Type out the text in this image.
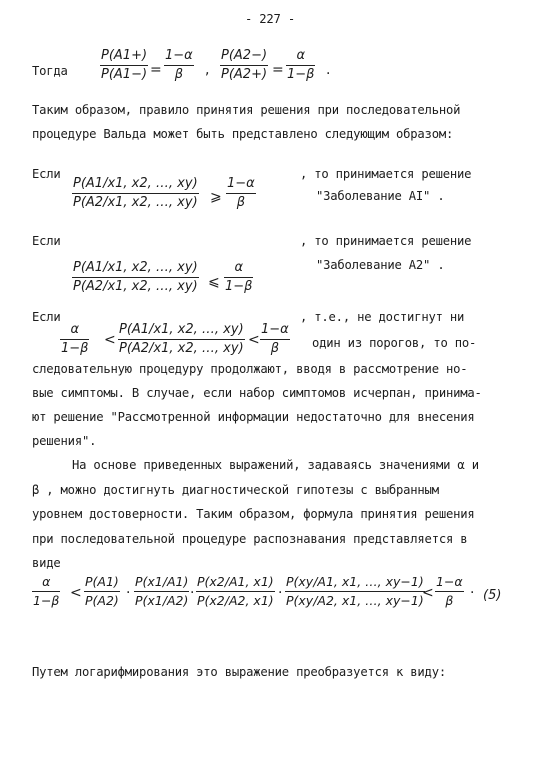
- 227 -
Тогда
P(A1+)
P(A1−) =
1−α
β ,
P(A2−)
P(A2+) =
α
1−β .
Таким образом, правило принятия решения при последовательной
процедуре Вальда может быть представлено следующим образом:
Если
P(A1/x1, x2, …, xy)
P(A2/x1, x2, …, xy) ⩾
1−α
β
, то принимается решение
"Заболевание AI" .
Если
P(A1/x1, x2, …, xy)
P(A2/x1, x2, …, xy) ⩽
α
1−β
, то принимается решение
"Заболевание A2" .
Если
α
1−β
<
P(A1/x1, x2, …, xy)
P(A2/x1, x2, …, xy)
<
1−α
β
, т.е., не достигнут ни
один из порогов, то по-
следовательную процедуру продолжают, вводя в рассмотрение но-
вые симптомы. В случае, если набор симптомов исчерпан, принима-
ют решение "Рассмотренной информации недостаточно для внесения
решения".
На основе приведенных выражений, задаваясь значениями α и
β , можно достигнуть диагностической гипотезы с выбранным
уровнем достоверности. Таким образом, формула принятия решения
при последовательной процедуре распознавания представляется в
виде
α
1−β <
P(A1)
P(A2) ·
P(x1/A1)
P(x1/A2) ·
P(x2/A1, x1)
P(x2/A2, x1) ·
P(xy/A1, x1, …, xy−1)
P(xy/A2, x1, …, xy−1)
<
1−α
β · (5)
Путем логарифмирования это выражение преобразуется к виду:
